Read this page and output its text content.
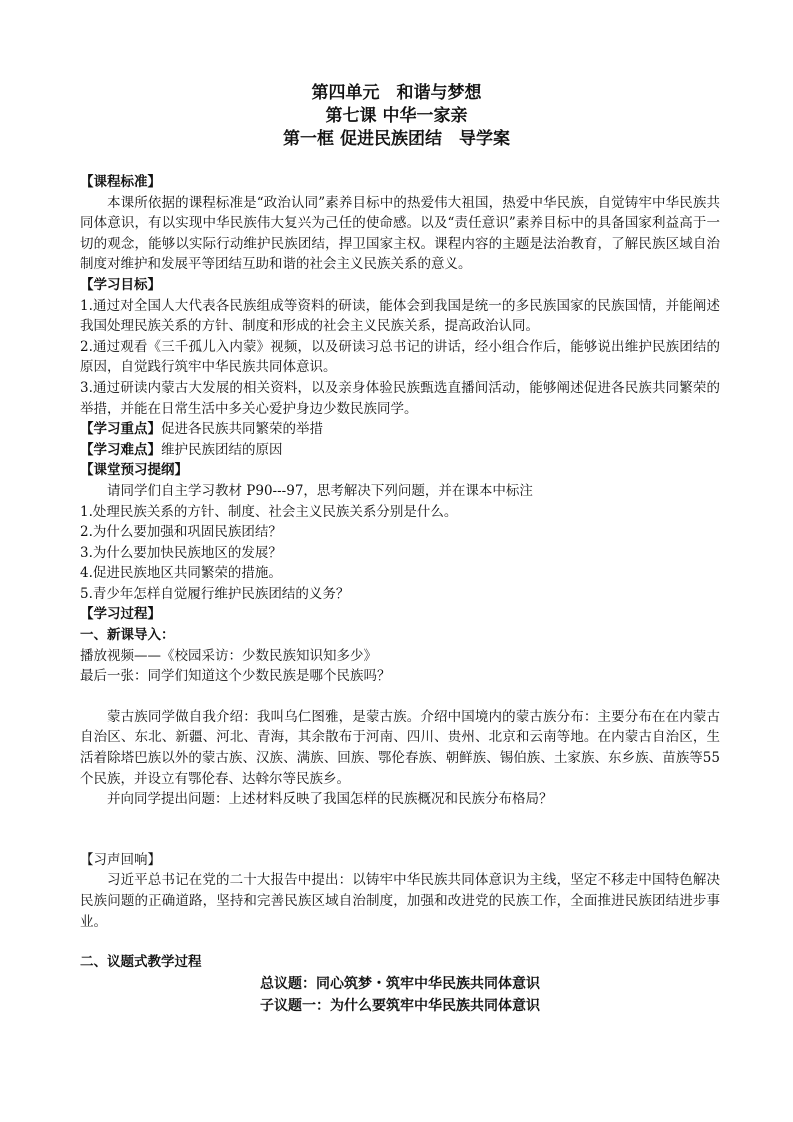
第四单元　和谐与梦想
第七课 中华一家亲
第一框 促进民族团结　导学案

【课程标准】

本课所依据的课程标准是“政治认同”素养目标中的热爱伟大祖国，热爱中华民族，自觉铸牢中华民族共同体意识，有以实现中华民族伟大复兴为己任的使命感。以及“责任意识”素养目标中的具备国家利益高于一切的观念，能够以实际行动维护民族团结，捍卫国家主权。课程内容的主题是法治教育，了解民族区域自治制度对维护和发展平等团结互助和谐的社会主义民族关系的意义。

【学习目标】

1.通过对全国人大代表各民族组成等资料的研读，能体会到我国是统一的多民族国家的民族国情，并能阐述我国处理民族关系的方针、制度和形成的社会主义民族关系，提高政治认同。

2.通过观看《三千孤儿入内蒙》视频，以及研读习总书记的讲话，经小组合作后，能够说出维护民族团结的原因，自觉践行筑牢中华民族共同体意识。

3.通过研读内蒙古大发展的相关资料，以及亲身体验民族甄选直播间活动，能够阐述促进各民族共同繁荣的举措，并能在日常生活中多关心爱护身边少数民族同学。

【学习重点】促进各民族共同繁荣的举措

【学习难点】维护民族团结的原因

【课堂预习提纲】

请同学们自主学习教材 P90---97，思考解决下列问题，并在课本中标注

1.处理民族关系的方针、制度、社会主义民族关系分别是什么。

2.为什么要加强和巩固民族团结？

3.为什么要加快民族地区的发展？

4.促进民族地区共同繁荣的措施。

5.青少年怎样自觉履行维护民族团结的义务？

【学习过程】

一、新课导入：

播放视频——《校园采访：少数民族知识知多少》

最后一张：同学们知道这个少数民族是哪个民族吗？

蒙古族同学做自我介绍：我叫乌仁图雅，是蒙古族。介绍中国境内的蒙古族分布：主要分布在在内蒙古自治区、东北、新疆、河北、青海，其余散布于河南、四川、贵州、北京和云南等地。在内蒙古自治区，生活着除塔巴族以外的蒙古族、汉族、满族、回族、鄂伦春族、朝鲜族、锡伯族、土家族、东乡族、苗族等55个民族，并设立有鄂伦春、达斡尔等民族乡。

并向同学提出问题：上述材料反映了我国怎样的民族概况和民族分布格局？

【习声回响】

习近平总书记在党的二十大报告中提出：以铸牢中华民族共同体意识为主线，坚定不移走中国特色解决民族问题的正确道路，坚持和完善民族区域自治制度，加强和改进党的民族工作，全面推进民族团结进步事业。

二、议题式教学过程

总议题：同心筑梦・筑牢中华民族共同体意识

子议题一：为什么要筑牢中华民族共同体意识
